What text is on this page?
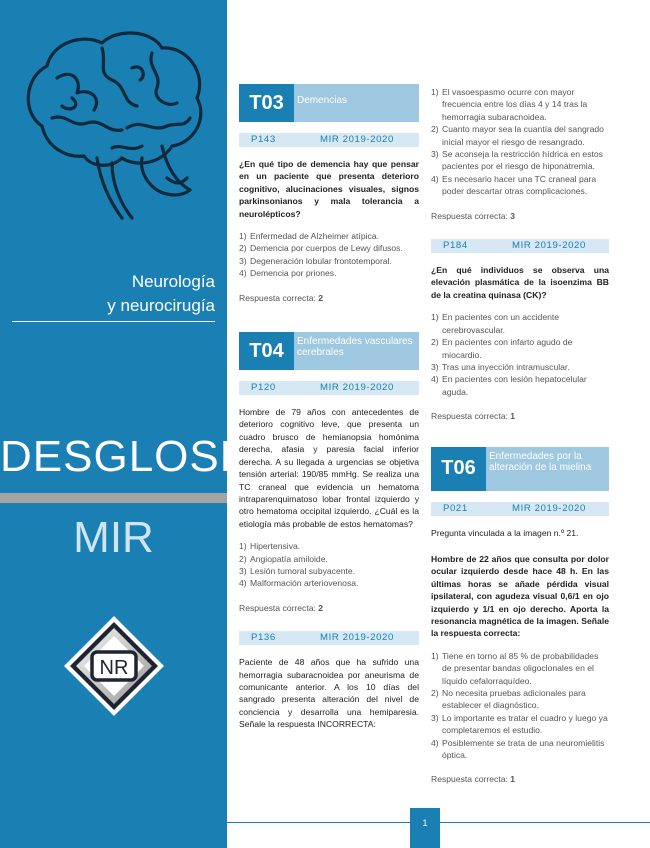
Neurología
y neurocirugía
DESGLOSES
MIR
NR
T03	Demencias
P143	MIR 2019-2020

¿En qué tipo de demencia hay que pensar en un paciente que presenta deterioro cognitivo, alucinaciones visuales, signos parkinsonianos y mala tolerancia a neurolépticos?

1) Enfermedad de Alzheimer atípica.
2) Demencia por cuerpos de Lewy difusos.
3) Degeneración lobular frontotemporal.
4) Demencia por priones.
Respuesta correcta: 2
T04	Enfermedades vasculares cerebrales
P120	MIR 2019-2020

Hombre de 79 años con antecedentes de deterioro cognitivo leve, que presenta un cuadro brusco de hemianopsia homónima derecha, afasia y paresia facial inferior derecha. A su llegada a urgencias se objetiva tensión arterial: 190/85 mmHg. Se realiza una TC craneal que evidencia un hematoma intraparenquimatoso lobar frontal izquierdo y otro hematoma occipital izquierdo. ¿Cuál es la etiología más probable de estos hematomas?

1) Hipertensiva.
2) Angiopatía amiloide.
3) Lesión tumoral subyacente.
4) Malformación arteriovenosa.
Respuesta correcta: 2
P136	MIR 2019-2020

Paciente de 48 años que ha sufrido una hemorragia subaracnoidea por aneurisma de comunicante anterior. A los 10 días del sangrado presenta alteración del nivel de conciencia y desarrolla una hemiparesia. Señale la respuesta INCORRECTA:

1) El vasoespasmo ocurre con mayor frecuencia entre los días 4 y 14 tras la hemorragia subaracnoidea.
2) Cuanto mayor sea la cuantía del sangrado inicial mayor el riesgo de resangrado.
3) Se aconseja la restricción hídrica en estos pacientes por el riesgo de hiponatremia.
4) Es necesario hacer una TC craneal para poder descartar otras complicaciones.
Respuesta correcta: 3
P184	MIR 2019-2020

¿En qué individuos se observa una elevación plasmática de la isoenzima BB de la creatina quinasa (CK)?

1) En pacientes con un accidente cerebrovascular.
2) En pacientes con infarto agudo de miocardio.
3) Tras una inyección intramuscular.
4) En pacientes con lesión hepatocelular aguda.
Respuesta correcta: 1
T06
Enfermedades por la alteración de la mielina
P021	MIR 2019-2020

Pregunta vinculada a la imagen n.º 21.

Hombre de 22 años que consulta por dolor ocular izquierdo desde hace 48 h. En las últimas horas se añade pérdida visual ipsilateral, con agudeza visual 0,6/1 en ojo izquierdo y 1/1 en ojo derecho. Aporta la resonancia magnética de la imagen. Señale la respuesta correcta:

1) Tiene en torno al 85 % de probabilidades de presentar bandas oligoclonales en el líquido cefalorraquídeo.
2) No necesita pruebas adicionales para establecer el diagnóstico.
3) Lo importante es tratar el cuadro y luego ya completaremos el estudio.
4) Posiblemente se trata de una neuromielitis óptica.
Respuesta correcta: 1
1
